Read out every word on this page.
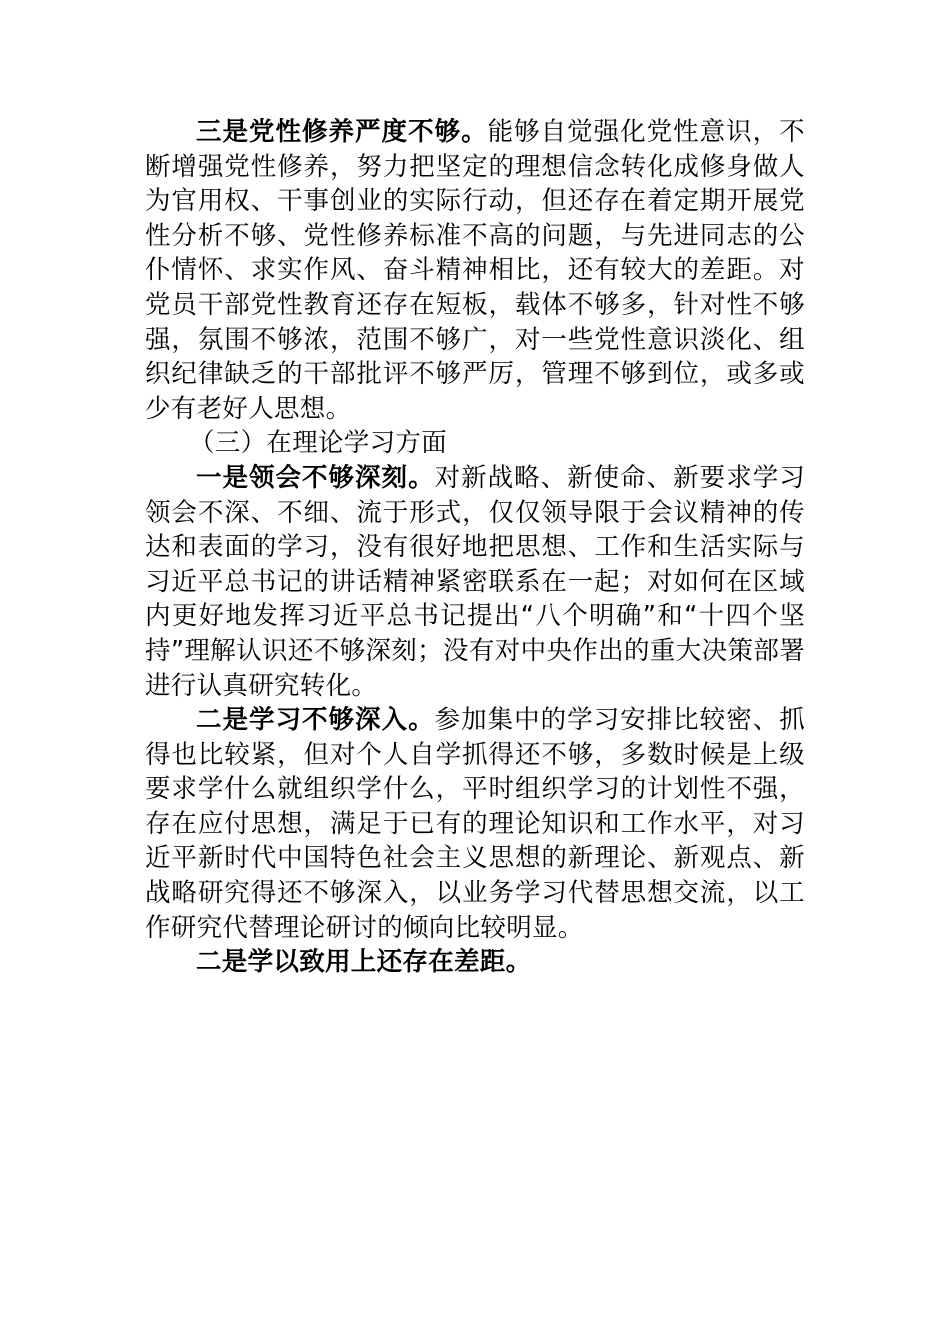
三是党性修养严度不够。能够自觉强化党性意识，不断增强党性修养，努力把坚定的理想信念转化成修身做人为官用权、干事创业的实际行动，但还存在着定期开展党性分析不够、党性修养标准不高的问题，与先进同志的公仆情怀、求实作风、奋斗精神相比，还有较大的差距。对党员干部党性教育还存在短板，载体不够多，针对性不够强，氛围不够浓，范围不够广，对一些党性意识淡化、组织纪律缺乏的干部批评不够严厉，管理不够到位，或多或少有老好人思想。

（三）在理论学习方面

一是领会不够深刻。对新战略、新使命、新要求学习领会不深、不细、流于形式，仅仅领导限于会议精神的传达和表面的学习，没有很好地把思想、工作和生活实际与习近平总书记的讲话精神紧密联系在一起；对如何在区域内更好地发挥习近平总书记提出“八个明确”和“十四个坚持”理解认识还不够深刻；没有对中央作出的重大决策部署进行认真研究转化。

二是学习不够深入。参加集中的学习安排比较密、抓得也比较紧，但对个人自学抓得还不够，多数时候是上级要求学什么就组织学什么，平时组织学习的计划性不强，存在应付思想，满足于已有的理论知识和工作水平，对习近平新时代中国特色社会主义思想的新理论、新观点、新战略研究得还不够深入，以业务学习代替思想交流，以工作研究代替理论研讨的倾向比较明显。

二是学以致用上还存在差距。
